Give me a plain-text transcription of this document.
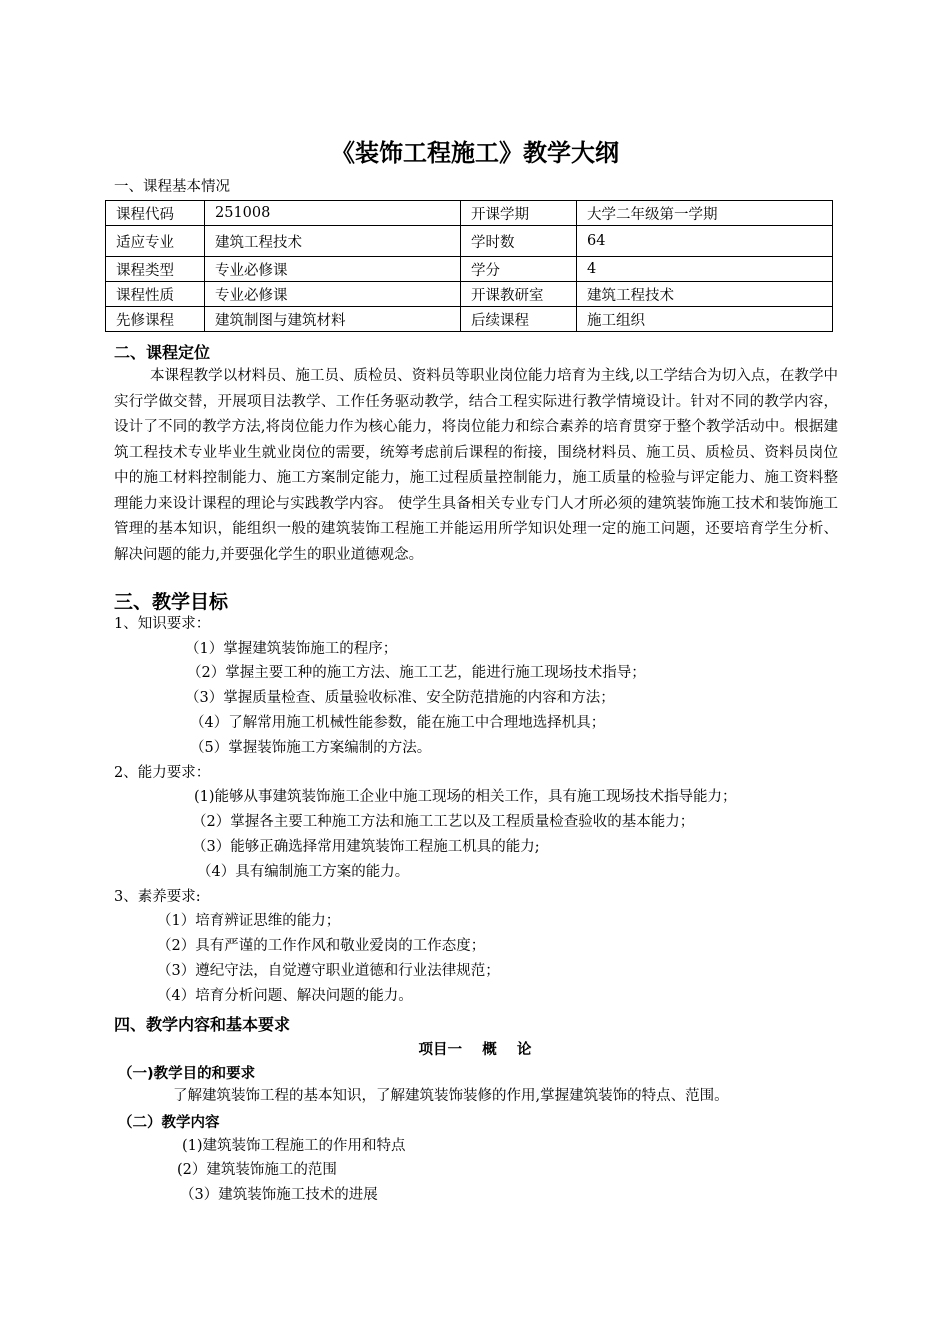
《装饰工程施工》教学大纲
一、课程基本情况
课程代码	251008	开课学期	大学二年级第一学期
适应专业	建筑工程技术	学时数	64
课程类型	专业必修课	学分	4
课程性质	专业必修课	开课教研室	建筑工程技术
先修课程	建筑制图与建筑材料	后续课程	施工组织
二、课程定位
本课程教学以材料员、施工员、质检员、资料员等职业岗位能力培育为主线,以工学结合为切入点，在教学中实行学做交替，开展项目法教学、工作任务驱动教学，结合工程实际进行教学情境设计。针对不同的教学内容，设计了不同的教学方法,将岗位能力作为核心能力，将岗位能力和综合素养的培育贯穿于整个教学活动中。根据建筑工程技术专业毕业生就业岗位的需要，统筹考虑前后课程的衔接，围绕材料员、施工员、质检员、资料员岗位中的施工材料控制能力、施工方案制定能力，施工过程质量控制能力，施工质量的检验与评定能力、施工资料整理能力来设计课程的理论与实践教学内容。 使学生具备相关专业专门人才所必须的建筑装饰施工技术和装饰施工管理的基本知识，能组织一般的建筑装饰工程施工并能运用所学知识处理一定的施工问题，还要培育学生分析、解决问题的能力,并要强化学生的职业道德观念。
三、教学目标
1、知识要求：
（1）掌握建筑装饰施工的程序；
（2）掌握主要工种的施工方法、施工工艺，能进行施工现场技术指导；
（3）掌握质量检查、质量验收标准、安全防范措施的内容和方法；
（4）了解常用施工机械性能参数，能在施工中合理地选择机具；
（5）掌握装饰施工方案编制的方法。
2、能力要求：
(1)能够从事建筑装饰施工企业中施工现场的相关工作，具有施工现场技术指导能力；
（2）掌握各主要工种施工方法和施工工艺以及工程质量检查验收的基本能力；
（3）能够正确选择常用建筑装饰工程施工机具的能力;
（4）具有编制施工方案的能力。
3、素养要求:
（1）培育辨证思维的能力；
（2）具有严谨的工作作风和敬业爱岗的工作态度；
（3）遵纪守法，自觉遵守职业道德和行业法律规范；
（4）培育分析问题、解决问题的能力。
四、教学内容和基本要求
项目一    概    论
（一)教学目的和要求
了解建筑装饰工程的基本知识，了解建筑装饰装修的作用,掌握建筑装饰的特点、范围。
（二）教学内容
(1)建筑装饰工程施工的作用和特点
(2）建筑装饰施工的范围
（3）建筑装饰施工技术的进展
